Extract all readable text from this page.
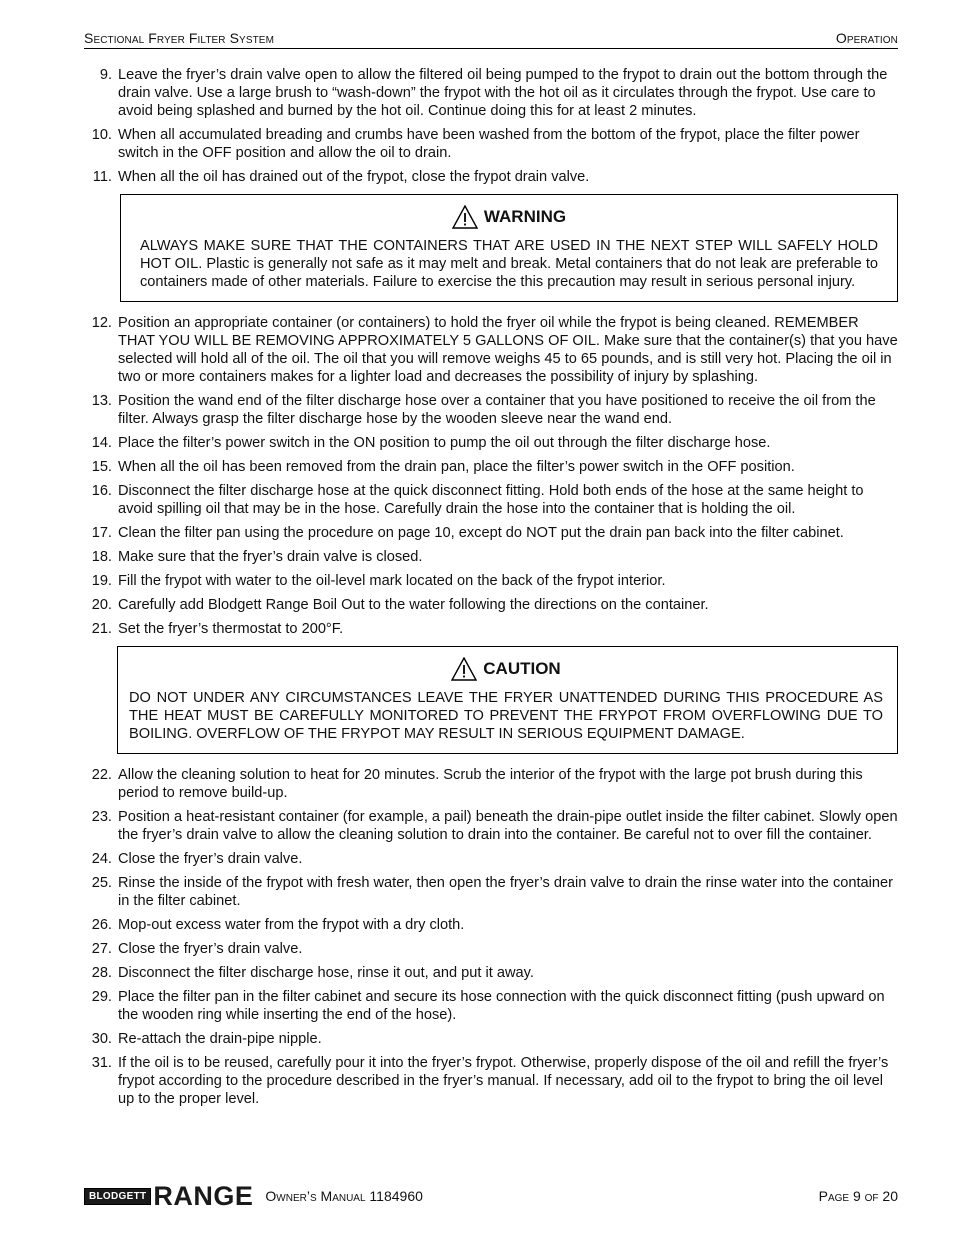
Sectional Fryer Filter System	Operation
9. Leave the fryer’s drain valve open to allow the filtered oil being pumped to the frypot to drain out the bottom through the drain valve. Use a large brush to “wash-down” the frypot with the hot oil as it circulates through the frypot. Use care to avoid being splashed and burned by the hot oil. Continue doing this for at least 2 minutes.
10. When all accumulated breading and crumbs have been washed from the bottom of the frypot, place the filter power switch in the OFF position and allow the oil to drain.
11. When all the oil has drained out of the frypot, close the frypot drain valve.
WARNING
ALWAYS MAKE SURE THAT THE CONTAINERS THAT ARE USED IN THE NEXT STEP WILL SAFELY HOLD HOT OIL. Plastic is generally not safe as it may melt and break. Metal containers that do not leak are preferable to containers made of other materials. Failure to exercise the this precaution may result in serious personal injury.
12. Position an appropriate container (or containers) to hold the fryer oil while the frypot is being cleaned. REMEMBER THAT YOU WILL BE REMOVING APPROXIMATELY 5 GALLONS OF OIL. Make sure that the container(s) that you have selected will hold all of the oil. The oil that you will remove weighs 45 to 65 pounds, and is still very hot. Placing the oil in two or more containers makes for a lighter load and decreases the possibility of injury by splashing.
13. Position the wand end of the filter discharge hose over a container that you have positioned to receive the oil from the filter. Always grasp the filter discharge hose by the wooden sleeve near the wand end.
14. Place the filter’s power switch in the ON position to pump the oil out through the filter discharge hose.
15. When all the oil has been removed from the drain pan, place the filter’s power switch in the OFF position.
16. Disconnect the filter discharge hose at the quick disconnect fitting. Hold both ends of the hose at the same height to avoid spilling oil that may be in the hose. Carefully drain the hose into the container that is holding the oil.
17. Clean the filter pan using the procedure on page 10, except do NOT put the drain pan back into the filter cabinet.
18. Make sure that the fryer’s drain valve is closed.
19. Fill the frypot with water to the oil-level mark located on the back of the frypot interior.
20. Carefully add Blodgett Range Boil Out to the water following the directions on the container.
21. Set the fryer’s thermostat to 200°F.
CAUTION
DO NOT UNDER ANY CIRCUMSTANCES LEAVE THE FRYER UNATTENDED DURING THIS PROCEDURE AS THE HEAT MUST BE CAREFULLY MONITORED TO PREVENT THE FRYPOT FROM OVERFLOWING DUE TO BOILING. OVERFLOW OF THE FRYPOT MAY RESULT IN SERIOUS EQUIPMENT DAMAGE.
22. Allow the cleaning solution to heat for 20 minutes. Scrub the interior of the frypot with the large pot brush during this period to remove build-up.
23. Position a heat-resistant container (for example, a pail) beneath the drain-pipe outlet inside the filter cabinet. Slowly open the fryer’s drain valve to allow the cleaning solution to drain into the container. Be careful not to over fill the container.
24. Close the fryer’s drain valve.
25. Rinse the inside of the frypot with fresh water, then open the fryer’s drain valve to drain the rinse water into the container in the filter cabinet.
26. Mop-out excess water from the frypot with a dry cloth.
27. Close the fryer’s drain valve.
28. Disconnect the filter discharge hose, rinse it out, and put it away.
29. Place the filter pan in the filter cabinet and secure its hose connection with the quick disconnect fitting (push upward on the wooden ring while inserting the end of the hose).
30. Re-attach the drain-pipe nipple.
31. If the oil is to be reused, carefully pour it into the fryer’s frypot. Otherwise, properly dispose of the oil and refill the fryer’s frypot according to the procedure described in the fryer’s manual. If necessary, add oil to the frypot to bring the oil level up to the proper level.
BLODGETT RANGE Owner’s Manual 1184960	Page 9 of 20
